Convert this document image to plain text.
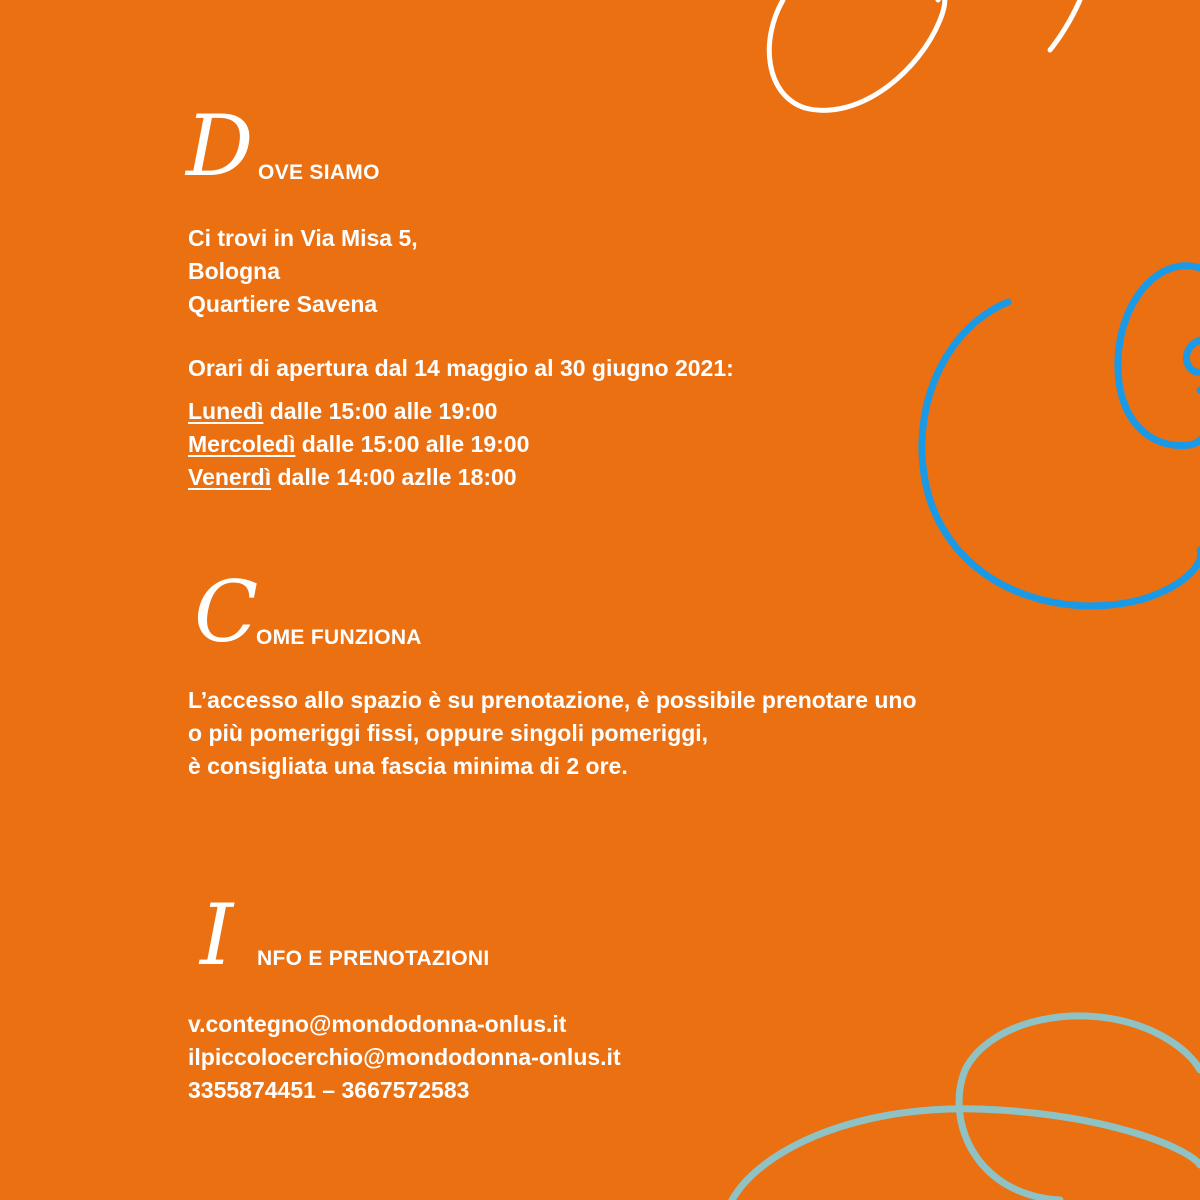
D OVE SIAMO
Ci trovi in Via Misa 5,
Bologna
Quartiere Savena
Orari di apertura dal 14 maggio al 30 giugno 2021:
Lunedì dalle 15:00 alle 19:00
Mercoledì dalle 15:00 alle 19:00
Venerdì dalle 14:00 azlle 18:00
C
OME FUNZIONA
L’accesso allo spazio è su prenotazione, è possibile prenotare uno
o più pomeriggi fissi, oppure singoli pomeriggi,
è consigliata una fascia minima di 2 ore.
I NFO E PRENOTAZIONI
v.contegno@mondodonna-onlus.it
ilpiccolocerchio@mondodonna-onlus.it
3355874451 – 3667572583
